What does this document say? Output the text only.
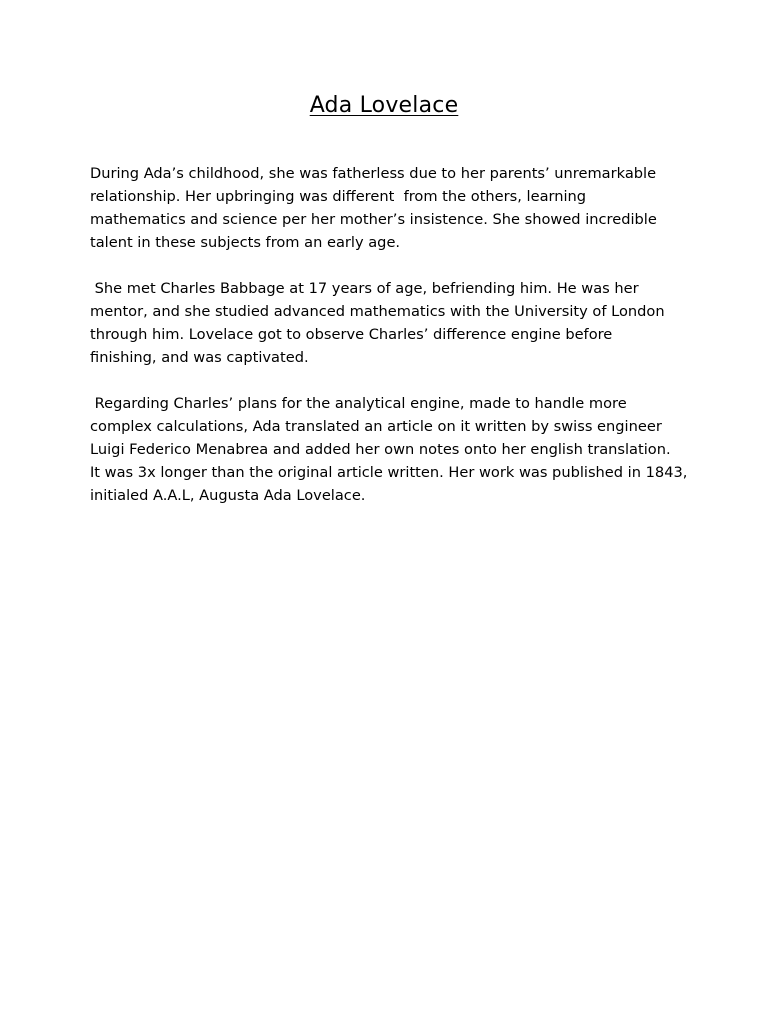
Ada Lovelace

During Ada’s childhood, she was fatherless due to her parents’ unremarkable
relationship. Her upbringing was different  from the others, learning
mathematics and science per her mother’s insistence. She showed incredible
talent in these subjects from an early age.

She met Charles Babbage at 17 years of age, befriending him. He was her
mentor, and she studied advanced mathematics with the University of London
through him. Lovelace got to observe Charles’ difference engine before
finishing, and was captivated.

Regarding Charles’ plans for the analytical engine, made to handle more
complex calculations, Ada translated an article on it written by swiss engineer
Luigi Federico Menabrea and added her own notes onto her english translation.
It was 3x longer than the original article written. Her work was published in 1843,
initialed A.A.L, Augusta Ada Lovelace.
